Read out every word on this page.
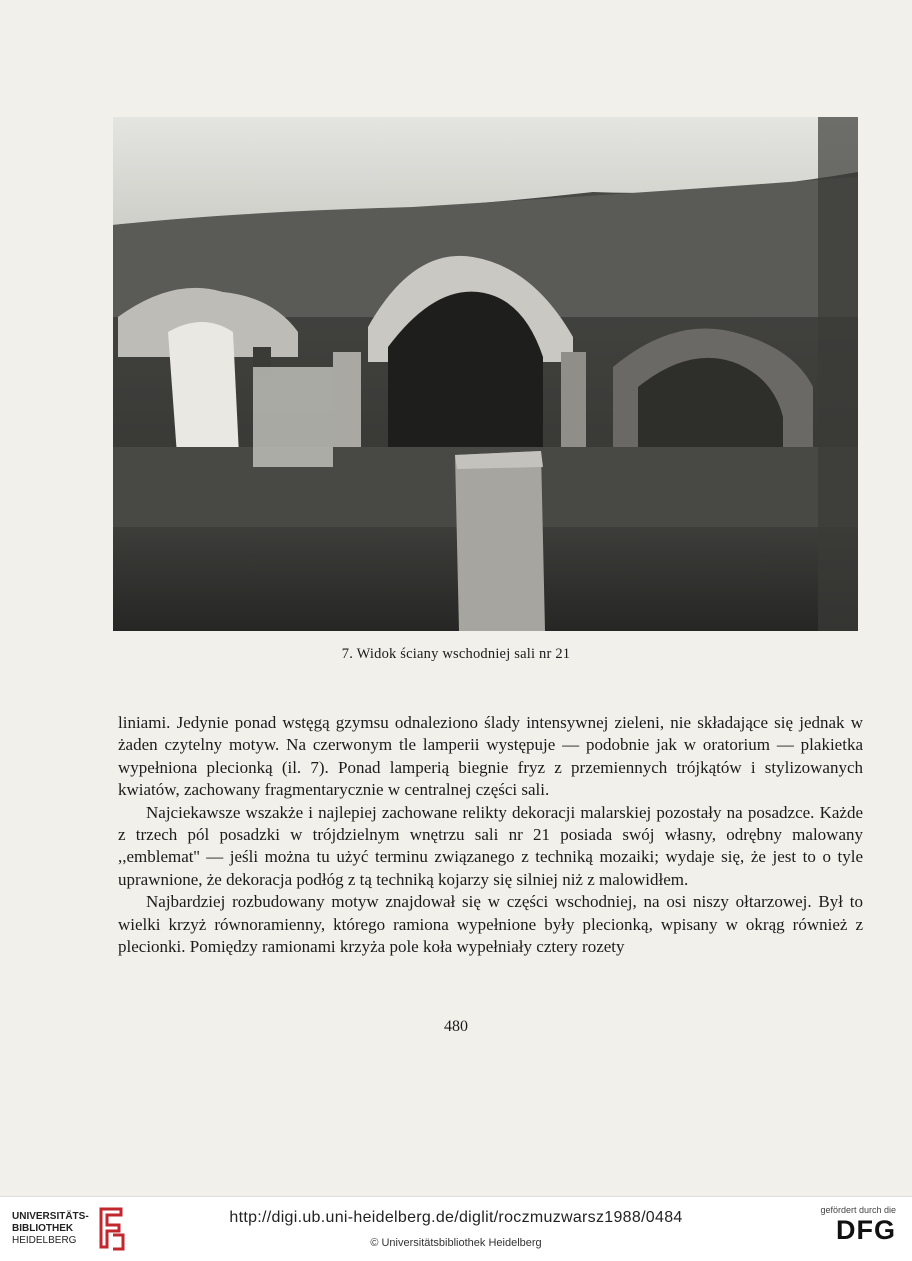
7. Widok ściany wschodniej sali nr 21

liniami. Jedynie ponad wstęgą gzymsu odnaleziono ślady intensywnej zieleni, nie składające się jednak w żaden czytelny motyw. Na czerwonym tle lamperii występuje — podobnie jak w oratorium — plakietka wypełniona plecionką (il. 7). Ponad lamperią biegnie fryz z przemiennych trójkątów i stylizowanych kwiatów, zachowany fragmentarycznie w centralnej części sali.

Najciekawsze wszakże i najlepiej zachowane relikty dekoracji malarskiej pozostały na posadzce. Każde z trzech pól posadzki w trójdzielnym wnętrzu sali nr 21 posiada swój własny, odrębny malowany ,,emblemat'' — jeśli można tu użyć terminu związanego z techniką mozaiki; wydaje się, że jest to o tyle uprawnione, że dekoracja podłóg z tą techniką kojarzy się silniej niż z malowidłem.

Najbardziej rozbudowany motyw znajdował się w części wschodniej, na osi niszy ołtarzowej. Był to wielki krzyż równoramienny, którego ramiona wypełnione były plecionką, wpisany w okrąg również z plecionki. Pomiędzy ramionami krzyża pole koła wypełniały cztery rozety

480
UNIVERSITÄTS-
BIBLIOTHEK
HEIDELBERG
http://digi.ub.uni-heidelberg.de/diglit/roczmuzwarsz1988/0484
© Universitätsbibliothek Heidelberg
gefördert durch die
DFG
